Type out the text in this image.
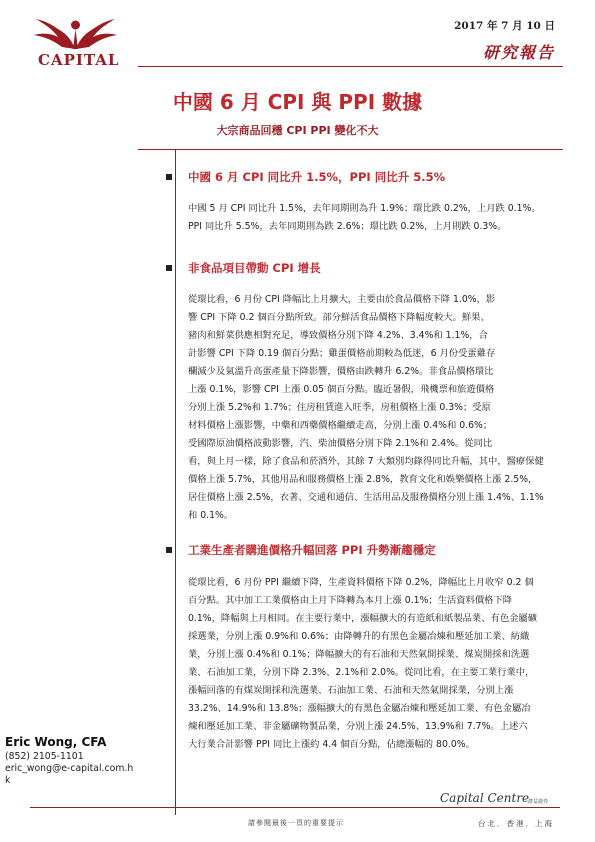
CAPITAL
2017 年 7 月 10 日
研究報告
中國 6 月 CPI 與 PPI 數據
大宗商品回穩 CPI PPI 變化不大
中國 6 月 CPI 同比升 1.5%，PPI 同比升 5.5%
中國 5 月 CPI 同比升 1.5%，去年同期則為升 1.9%；環比跌 0.2%，上月跌 0.1%。
PPI 同比升 5.5%，去年同期則為跌 2.6%；環比跌 0.2%，上月則跌 0.3%。
非食品項目帶動 CPI 增長
從環比看，6 月份 CPI 降幅比上月擴大，主要由於食品價格下降 1.0%，影
響 CPI 下降 0.2 個百分點所致。部分鮮活食品價格下降幅度較大。鮮果、
豬肉和鮮菜供應相對充足，導致價格分別下降 4.2%、3.4%和 1.1%，合
計影響 CPI 下降 0.19 個百分點；雞蛋價格前期較為低迷，6 月份受蛋雞存
欄減少及氣溫升高蛋產量下降影響，價格由跌轉升 6.2%。非食品價格環比
上漲 0.1%，影響 CPI 上漲 0.05 個百分點。臨近暑假，飛機票和旅遊價格
分別上漲 5.2%和 1.7%；住房租賃進入旺季，房租價格上漲 0.3%；受原
材料價格上漲影響，中藥和西藥價格繼續走高，分別上漲 0.4%和 0.6%；
受國際原油價格波動影響，汽、柴油價格分別下降 2.1%和 2.4%。從同比
看，與上月一樣，除了食品和菸酒外，其餘 7 大類別均錄得同比升幅，其中，醫療保健
價格上漲 5.7%，其他用品和服務價格上漲 2.8%，教育文化和娛樂價格上漲 2.5%，
居住價格上漲 2.5%，衣著、交通和通信、生活用品及服務價格分別上漲 1.4%、1.1%
和 0.1%。
工業生產者購進價格升幅回落 PPI 升勢漸趨穩定
從環比看，6 月份 PPI 繼續下降，生產資料價格下降 0.2%，降幅比上月收窄 0.2 個
百分點。其中加工工業價格由上月下降轉為本月上漲 0.1%；生活資料價格下降
0.1%，降幅與上月相同。在主要行業中，漲幅擴大的有造紙和紙製品業、有色金屬礦
採選業，分別上漲 0.9%和 0.6%；由降轉升的有黑色金屬冶煉和壓延加工業、紡織
業，分別上漲 0.4%和 0.1%；降幅擴大的有石油和天然氣開採業、煤炭開採和洗選
業、石油加工業，分別下降 2.3%、2.1%和 2.0%。從同比看，在主要工業行業中，
漲幅回落的有煤炭開採和洗選業、石油加工業、石油和天然氣開採業，分別上漲
33.2%、14.9%和 13.8%；漲幅擴大的有黑色金屬冶煉和壓延加工業、有色金屬冶
煉和壓延加工業、非金屬礦物製品業，分別上漲 24.5%、13.9%和 7.7%。上述六
大行業合計影響 PPI 同比上漲約 4.4 個百分點，佔總漲幅的 80.0%。
Eric Wong, CFA
(852) 2105-1101
eric_wong@e-capital.com.h
k
請參閱最後一頁的重要提示
Capital Centre
群益證券
台北．香港．上海
